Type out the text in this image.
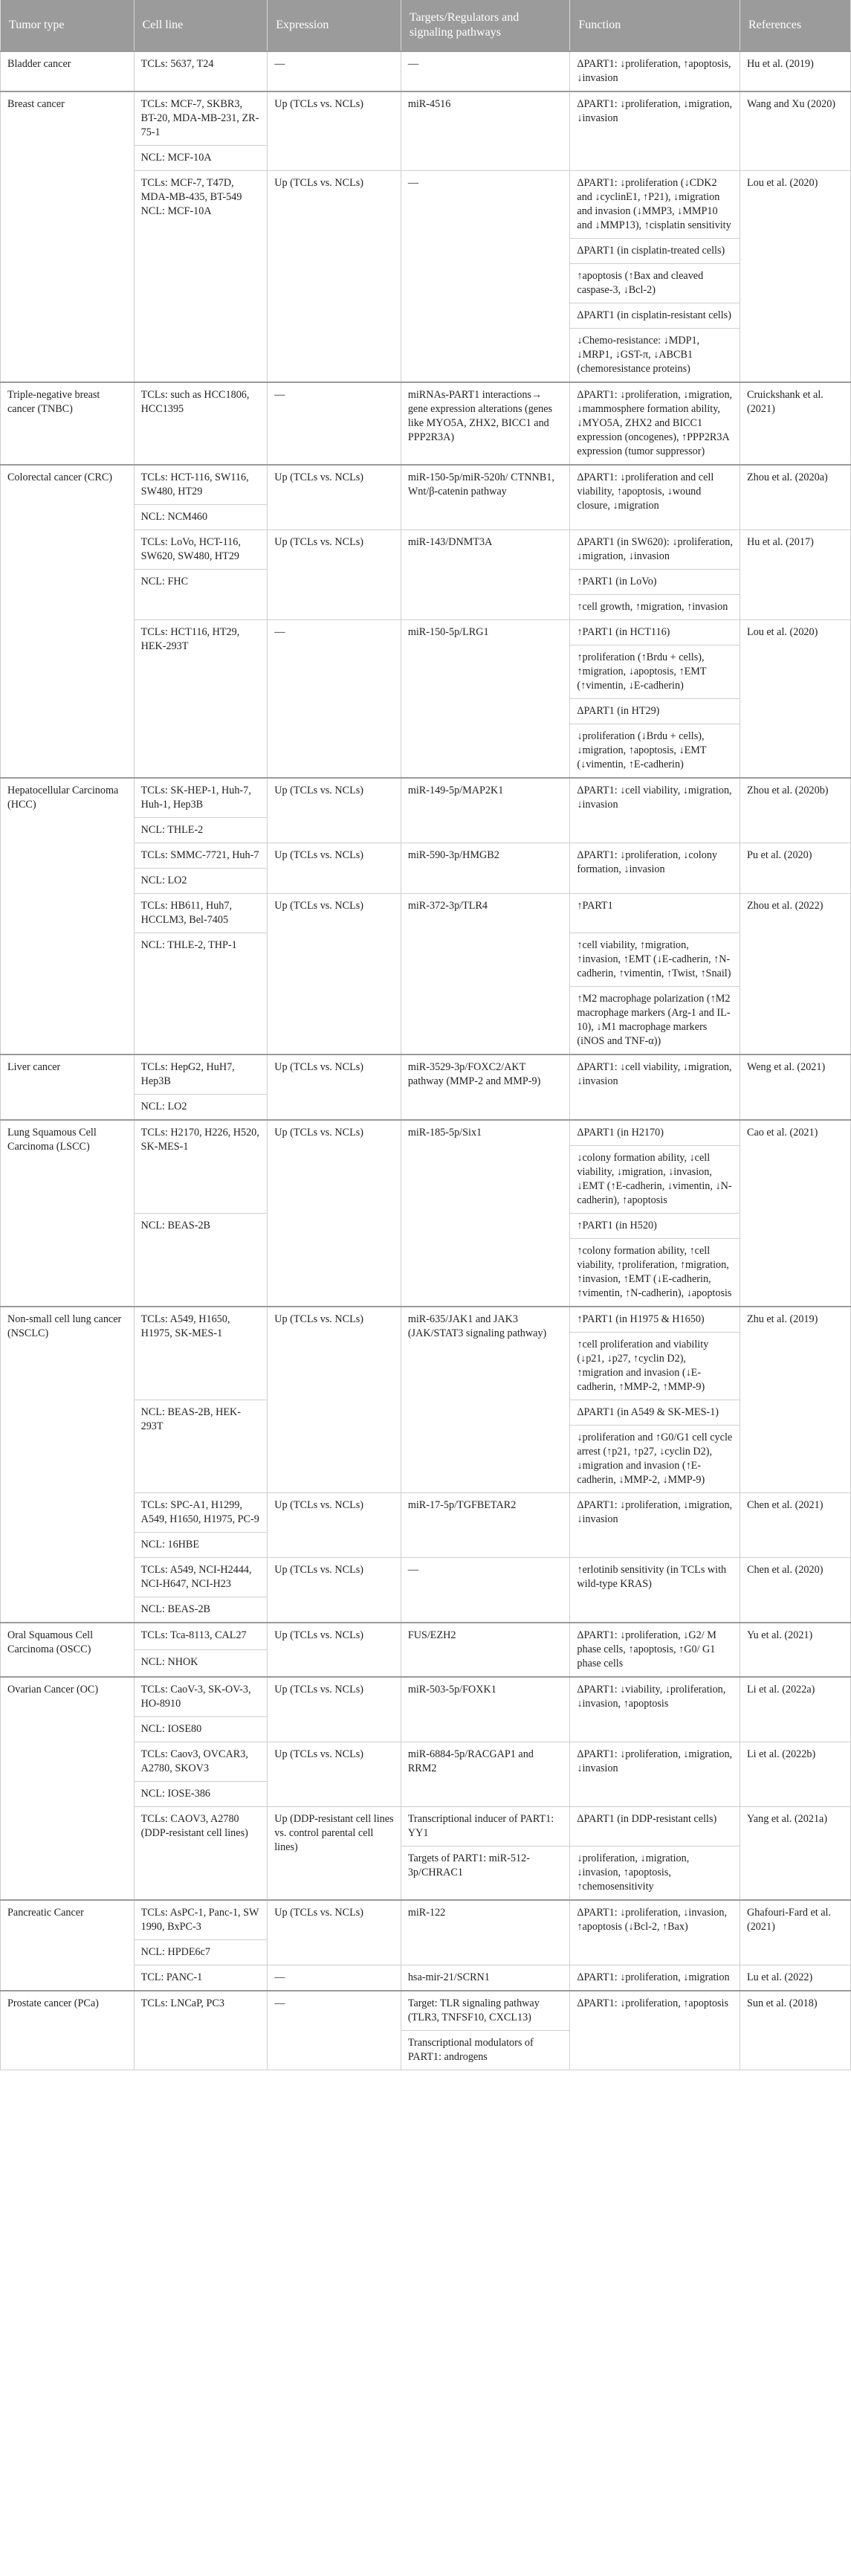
Tumor type	Cell line	Expression	Targets/Regulators and signaling pathways	Function	References
Bladder cancer	TCLs: 5637, T24	—	—	ΔPART1: ↓proliferation, ↑apoptosis, ↓invasion	Hu et al. (2019)
Breast cancer	TCLs: MCF-7, SKBR3, BT-20, MDA-MB-231, ZR-75-1	Up (TCLs vs. NCLs)	miR-4516	ΔPART1: ↓proliferation, ↓migration, ↓invasion	Wang and Xu (2020)
	NCL: MCF-10A				
	TCLs: MCF-7, T47D, MDA-MB-435, BT-549 NCL: MCF-10A	Up (TCLs vs. NCLs)	—	ΔPART1: ↓proliferation (↓CDK2 and ↓cyclinE1, ↑P21), ↓migration and invasion (↓MMP3, ↓MMP10 and ↓MMP13), ↑cisplatin sensitivity	Lou et al. (2020)
				ΔPART1 (in cisplatin-treated cells)	
				↑apoptosis (↑Bax and cleaved caspase-3, ↓Bcl-2)	
				ΔPART1 (in cisplatin-resistant cells)	
				↓Chemo-resistance: ↓MDP1, ↓MRP1, ↓GST-π, ↓ABCB1 (chemoresistance proteins)	
Triple-negative breast cancer (TNBC)	TCLs: such as HCC1806, HCC1395	—	miRNAs-PART1 interactions→ gene expression alterations (genes like MYO5A, ZHX2, BICC1 and PPP2R3A)	ΔPART1: ↓proliferation, ↓migration, ↓mammosphere formation ability, ↓MYO5A, ZHX2 and BICC1 expression (oncogenes), ↑PPP2R3A expression (tumor suppressor)	Cruickshank et al. (2021)
Colorectal cancer (CRC)	TCLs: HCT-116, SW116, SW480, HT29	Up (TCLs vs. NCLs)	miR-150-5p/miR-520h/ CTNNB1, Wnt/β-catenin pathway	ΔPART1: ↓proliferation and cell viability, ↑apoptosis, ↓wound closure, ↓migration	Zhou et al. (2020a)
	NCL: NCM460				
	TCLs: LoVo, HCT-116, SW620, SW480, HT29	Up (TCLs vs. NCLs)	miR-143/DNMT3A	ΔPART1 (in SW620): ↓proliferation, ↓migration, ↓invasion	Hu et al. (2017)
	NCL: FHC			↑PART1 (in LoVo)	
				↑cell growth, ↑migration, ↑invasion	
	TCLs: HCT116, HT29, HEK-293T	—	miR-150-5p/LRG1	↑PART1 (in HCT116)	Lou et al. (2020)
				↑proliferation (↑Brdu + cells), ↑migration, ↓apoptosis, ↑EMT (↑vimentin, ↓E-cadherin)	
				ΔPART1 (in HT29)	
				↓proliferation (↓Brdu + cells), ↓migration, ↑apoptosis, ↓EMT (↓vimentin, ↑E-cadherin)	
Hepatocellular Carcinoma (HCC)	TCLs: SK-HEP-1, Huh-7, Huh-1, Hep3B	Up (TCLs vs. NCLs)	miR-149-5p/MAP2K1	ΔPART1: ↓cell viability, ↓migration, ↓invasion	Zhou et al. (2020b)
	NCL: THLE-2				
	TCLs: SMMC-7721, Huh-7	Up (TCLs vs. NCLs)	miR-590-3p/HMGB2	ΔPART1: ↓proliferation, ↓colony formation, ↓invasion	Pu et al. (2020)
	NCL: LO2				
	TCLs: HB611, Huh7, HCCLM3, Bel-7405	Up (TCLs vs. NCLs)	miR-372-3p/TLR4	↑PART1	Zhou et al. (2022)
	NCL: THLE-2, THP-1			↑cell viability, ↑migration, ↑invasion, ↑EMT (↓E-cadherin, ↑N-cadherin, ↑vimentin, ↑Twist, ↑Snail)	

				↑M2 macrophage polarization (↑M2 macrophage markers (Arg-1 and IL-10), ↓M1 macrophage markers (iNOS and TNF-α))	

Liver cancer	TCLs: HepG2, HuH7, Hep3B	Up (TCLs vs. NCLs)	miR-3529-3p/FOXC2/AKT pathway (MMP-2 and MMP-9)	ΔPART1: ↓cell viability, ↓migration, ↓invasion	Weng et al. (2021)
	NCL: LO2				
Lung Squamous Cell Carcinoma (LSCC)	TCLs: H2170, H226, H520, SK-MES-1	Up (TCLs vs. NCLs)	miR-185-5p/Six1	ΔPART1 (in H2170)	Cao et al. (2021)
				↓colony formation ability, ↓cell viability, ↓migration, ↓invasion, ↓EMT (↑E-cadherin, ↓vimentin, ↓N-cadherin), ↑apoptosis	
	NCL: BEAS-2B			↑PART1 (in H520)	
				↑colony formation ability, ↑cell viability, ↑proliferation, ↑migration, ↑invasion, ↑EMT (↓E-cadherin, ↑vimentin, ↑N-cadherin), ↓apoptosis	
Non-small cell lung cancer (NSCLC)	TCLs: A549, H1650, H1975, SK-MES-1	Up (TCLs vs. NCLs)	miR-635/JAK1 and JAK3 (JAK/STAT3 signaling pathway)	↑PART1 (in H1975 & H1650)	Zhu et al. (2019)
				↑cell proliferation and viability (↓p21, ↓p27, ↑cyclin D2), ↑migration and invasion (↓E-cadherin, ↑MMP-2, ↑MMP-9)	
	NCL: BEAS-2B, HEK-293T			ΔPART1 (in A549 & SK-MES-1)	
				↓proliferation and ↑G0/G1 cell cycle arrest (↑p21, ↑p27, ↓cyclin D2), ↓migration and invasion (↑E-cadherin, ↓MMP-2, ↓MMP-9)	
	TCLs: SPC-A1, H1299, A549, H1650, H1975, PC-9	Up (TCLs vs. NCLs)	miR-17-5p/TGFBETAR2	ΔPART1: ↓proliferation, ↓migration, ↓invasion	Chen et al. (2021)
	NCL: 16HBE				
	TCLs: A549, NCI-H2444, NCI-H647, NCI-H23	Up (TCLs vs. NCLs)	—	↑erlotinib sensitivity (in TCLs with wild-type KRAS)	Chen et al. (2020)
	NCL: BEAS-2B				
Oral Squamous Cell Carcinoma (OSCC)	TCLs: Tca-8113, CAL27	Up (TCLs vs. NCLs)	FUS/EZH2	ΔPART1: ↓proliferation, ↓G2/ M phase cells, ↑apoptosis, ↑G0/ G1 phase cells	Yu et al. (2021)
	NCL: NHOK				
Ovarian Cancer (OC)	TCLs: CaoV-3, SK-OV-3, HO-8910	Up (TCLs vs. NCLs)	miR-503-5p/FOXK1	ΔPART1: ↓viability, ↓proliferation, ↓invasion, ↑apoptosis	Li et al. (2022a)
	NCL: IOSE80				
	TCLs: Caov3, OVCAR3, A2780, SKOV3	Up (TCLs vs. NCLs)	miR-6884-5p/RACGAP1 and RRM2	ΔPART1: ↓proliferation, ↓migration, ↓invasion	Li et al. (2022b)
	NCL: IOSE-386				
	TCLs: CAOV3, A2780 (DDP-resistant cell lines)	Up (DDP-resistant cell lines vs. control parental cell lines)	Transcriptional inducer of PART1: YY1	ΔPART1 (in DDP-resistant cells)	Yang et al. (2021a)
			Targets of PART1: miR-512-3p/CHRAC1	↓proliferation, ↓migration, ↓invasion, ↑apoptosis, ↑chemosensitivity	
Pancreatic Cancer	TCLs: AsPC-1, Panc-1, SW 1990, BxPC-3	Up (TCLs vs. NCLs)	miR-122	ΔPART1: ↓proliferation, ↓invasion, ↑apoptosis (↓Bcl-2, ↑Bax)	Ghafouri-Fard et al. (2021)
	NCL: HPDE6c7				
	TCL: PANC-1	—	hsa-mir-21/SCRN1	ΔPART1: ↓proliferation, ↓migration	Lu et al. (2022)
Prostate cancer (PCa)	TCLs: LNCaP, PC3	—	Target: TLR signaling pathway (TLR3, TNFSF10, CXCL13)	ΔPART1: ↓proliferation, ↑apoptosis	Sun et al. (2018)
			Transcriptional modulators of PART1: androgens		
